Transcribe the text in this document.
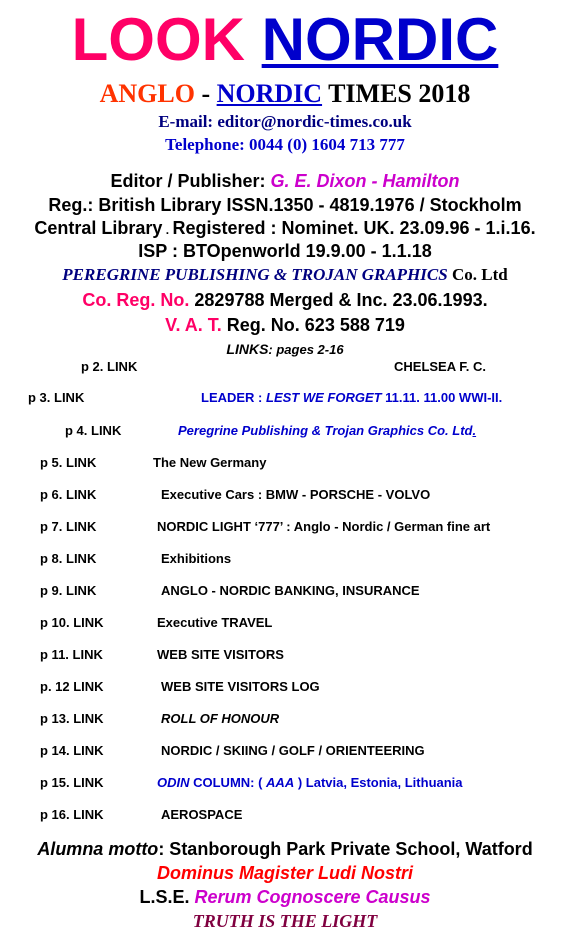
LOOK NORDIC
ANGLO - NORDIC TIMES 2018
E-mail: editor@nordic-times.co.uk
Telephone: 0044 (0) 1604 713 777
Editor / Publisher: G. E. Dixon - Hamilton
Reg.: British Library ISSN.1350 - 4819.1976 / Stockholm
Central Library . Registered : Nominet. UK. 23.09.96 - 1.i.16.
ISP : BTOpenworld 19.9.00 - 1.1.18
PEREGRINE PUBLISHING & TROJAN GRAPHICS Co. Ltd
Co. Reg. No. 2829788 Merged & Inc. 23.06.1993.
V. A. T. Reg. No. 623 588 719
LINKS: pages 2-16
p 2. LINK	CHELSEA F. C.
p 3. LINK	LEADER : LEST WE FORGET 11.11. 11.00 WWI-II.
p 4. LINK	Peregrine Publishing & Trojan Graphics Co. Ltd.
p 5. LINK	The New Germany
p 6. LINK	Executive Cars : BMW - PORSCHE - VOLVO
p 7. LINK	NORDIC LIGHT ‘777’ : Anglo - Nordic / German fine art
p 8. LINK	Exhibitions
p 9. LINK	ANGLO - NORDIC BANKING, INSURANCE
p 10. LINK	Executive TRAVEL
p 11. LINK	WEB SITE VISITORS
p. 12 LINK	WEB SITE VISITORS LOG
p 13. LINK	ROLL OF HONOUR
p 14. LINK	NORDIC / SKIING / GOLF / ORIENTEERING
p 15. LINK	ODIN COLUMN: ( AAA ) Latvia, Estonia, Lithuania
p 16. LINK	AEROSPACE
Alumna motto: Stanborough Park Private School, Watford
Dominus Magister Ludi Nostri
L.S.E. Rerum Cognoscere Causus
TRUTH IS THE LIGHT
